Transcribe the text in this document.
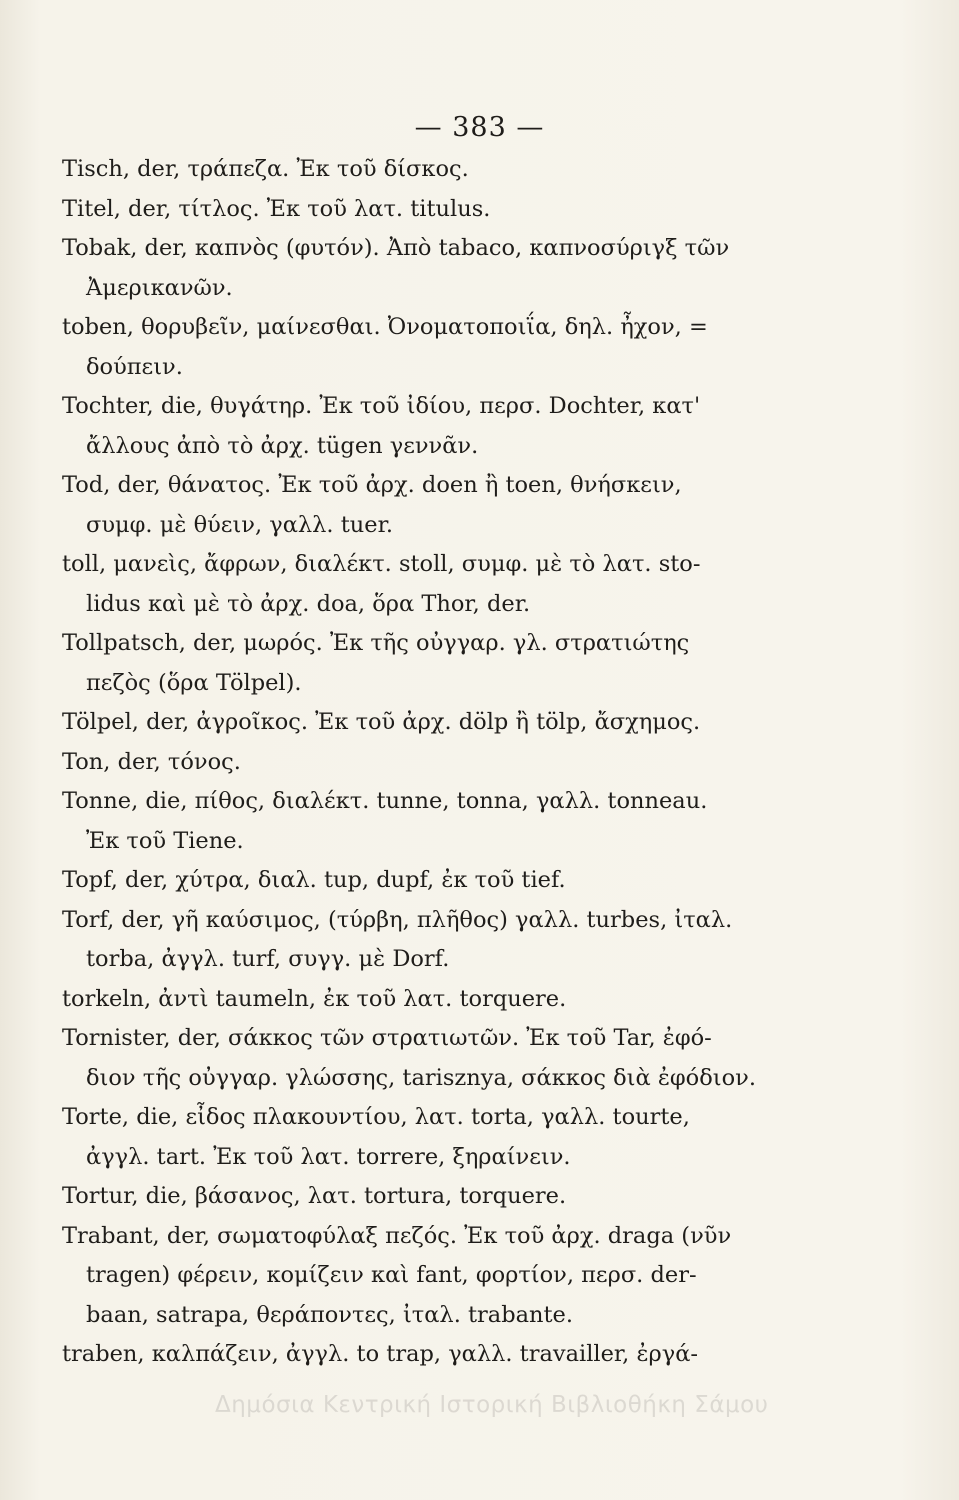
— 383 —
Tisch, der, τράπεζα. Ἐκ τοῦ δίσκος.
Titel, der, τίτλος. Ἐκ τοῦ λατ. titulus.
Tobak, der, καπνὸς (φυτόν). Ἀπὸ tabaco, καπνοσύριγξ τῶν
Ἀμερικανῶν.
toben, θορυβεῖν, μαίνεσθαι. Ὀνοματοποιΐα, δηλ. ἦχον, =
δούπειν.
Tochter, die, θυγάτηρ. Ἐκ τοῦ ἰδίου, περσ. Dochter, κατ'
ἄλλους ἀπὸ τὸ ἀρχ. tügen γεννᾶν.
Tod, der, θάνατος. Ἐκ τοῦ ἀρχ. doen ἢ toen, θνήσκειν,
συμφ. μὲ θύειν, γαλλ. tuer.
toll, μανεὶς, ἄφρων, διαλέκτ. stoll, συμφ. μὲ τὸ λατ. sto-
lidus καὶ μὲ τὸ ἀρχ. doa, ὅρα Thor, der.
Tollpatsch, der, μωρός. Ἐκ τῆς οὐγγαρ. γλ. στρατιώτης
πεζὸς (ὅρα Tölpel).
Tölpel, der, ἀγροῖκος. Ἐκ τοῦ ἀρχ. dölp ἢ tölp, ἄσχημος.
Ton, der, τόνος.
Tonne, die, πίθος, διαλέκτ. tunne, tonna, γαλλ. tonneau.
Ἐκ τοῦ Tiene.
Topf, der, χύτρα, διαλ. tup, dupf, ἐκ τοῦ tief.
Torf, der, γῆ καύσιμος, (τύρβη, πλῆθος) γαλλ. turbes, ἰταλ.
torba, ἀγγλ. turf, συγγ. μὲ Dorf.
torkeln, ἀντὶ taumeln, ἐκ τοῦ λατ. torquere.
Tornister, der, σάκκος τῶν στρατιωτῶν. Ἐκ τοῦ Tar, ἐφό-
διον τῆς οὐγγαρ. γλώσσης, tarisznya, σάκκος διὰ ἐφόδιον.
Torte, die, εἶδος πλακουντίου, λατ. torta, γαλλ. tourte,
ἀγγλ. tart. Ἐκ τοῦ λατ. torrere, ξηραίνειν.
Tortur, die, βάσανος, λατ. tortura, torquere.
Trabant, der, σωματοφύλαξ πεζός. Ἐκ τοῦ ἀρχ. draga (νῦν
tragen) φέρειν, κομίζειν καὶ fant, φορτίον, περσ. der-
baan, satrapa, θεράποντες, ἰταλ. trabante.
traben, καλπάζειν, ἀγγλ. to trap, γαλλ. travailler, ἐργά-
Δημόσια Κεντρική Ιστορική Βιβλιοθήκη Σάμου
